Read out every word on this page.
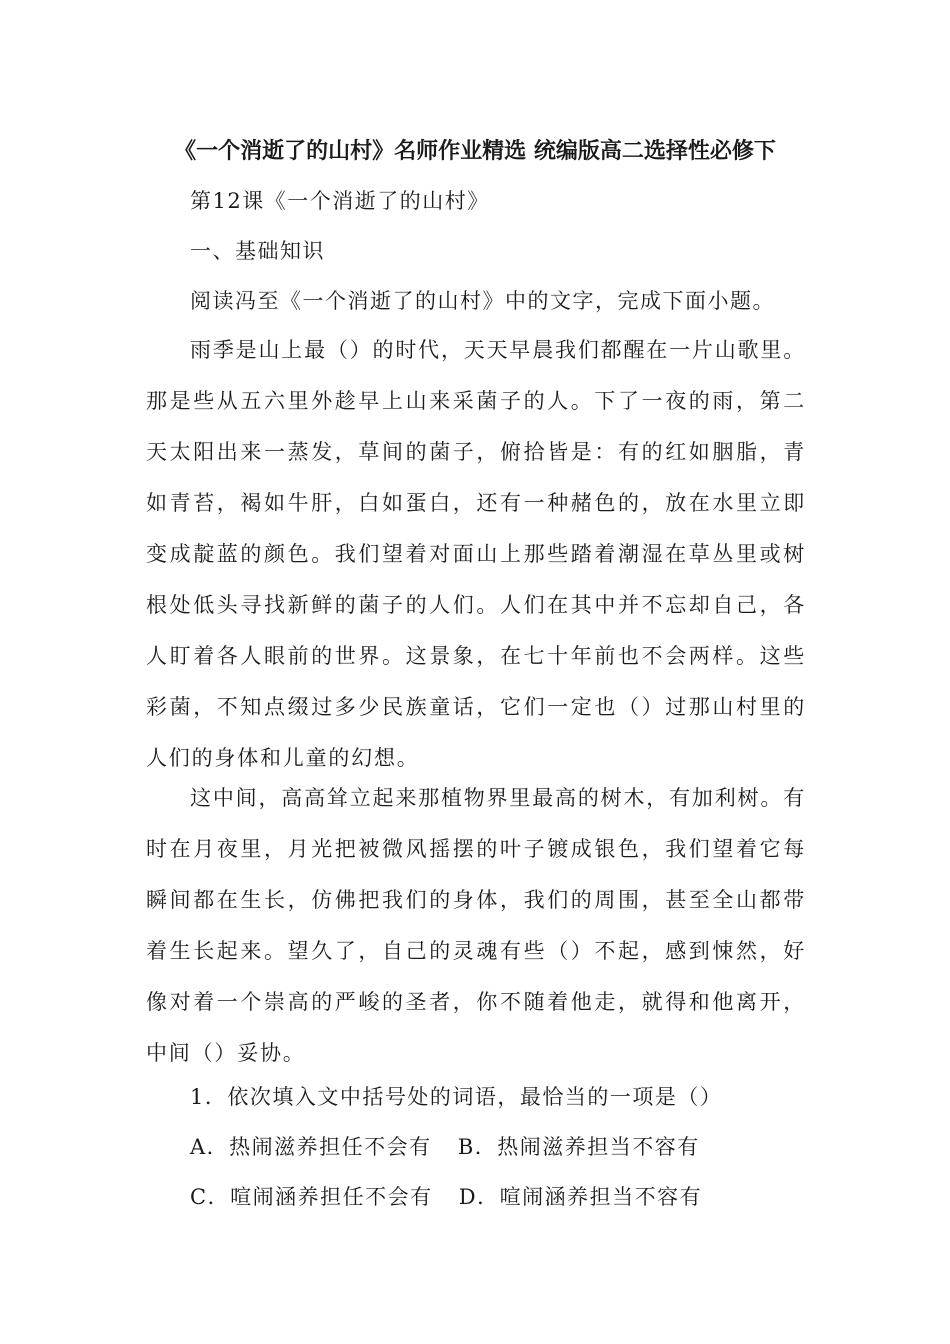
《一个消逝了的山村》名师作业精选 统编版高二选择性必修下
第12课《一个消逝了的山村》
一、基础知识
阅读冯至《一个消逝了的山村》中的文字，完成下面小题。

雨季是山上最（）的时代，天天早晨我们都醒在一片山歌里。那是些从五六里外趁早上山来采菌子的人。下了一夜的雨，第二天太阳出来一蒸发，草间的菌子，俯拾皆是：有的红如胭脂，青如青苔，褐如牛肝，白如蛋白，还有一种赭色的，放在水里立即变成靛蓝的颜色。我们望着对面山上那些踏着潮湿在草丛里或树根处低头寻找新鲜的菌子的人们。人们在其中并不忘却自己，各人盯着各人眼前的世界。这景象，在七十年前也不会两样。这些彩菌，不知点缀过多少民族童话，它们一定也（）过那山村里的人们的身体和儿童的幻想。

这中间，高高耸立起来那植物界里最高的树木，有加利树。有时在月夜里，月光把被微风摇摆的叶子镀成银色，我们望着它每瞬间都在生长，仿佛把我们的身体，我们的周围，甚至全山都带着生长起来。望久了，自己的灵魂有些（）不起，感到悚然，好像对着一个崇高的严峻的圣者，你不随着他走，就得和他离开，中间（）妥协。

1．依次填入文中括号处的词语，最恰当的一项是（）
A．热闹滋养担任不会有 B．热闹滋养担当不容有
C．喧闹涵养担任不会有 D．喧闹涵养担当不容有
